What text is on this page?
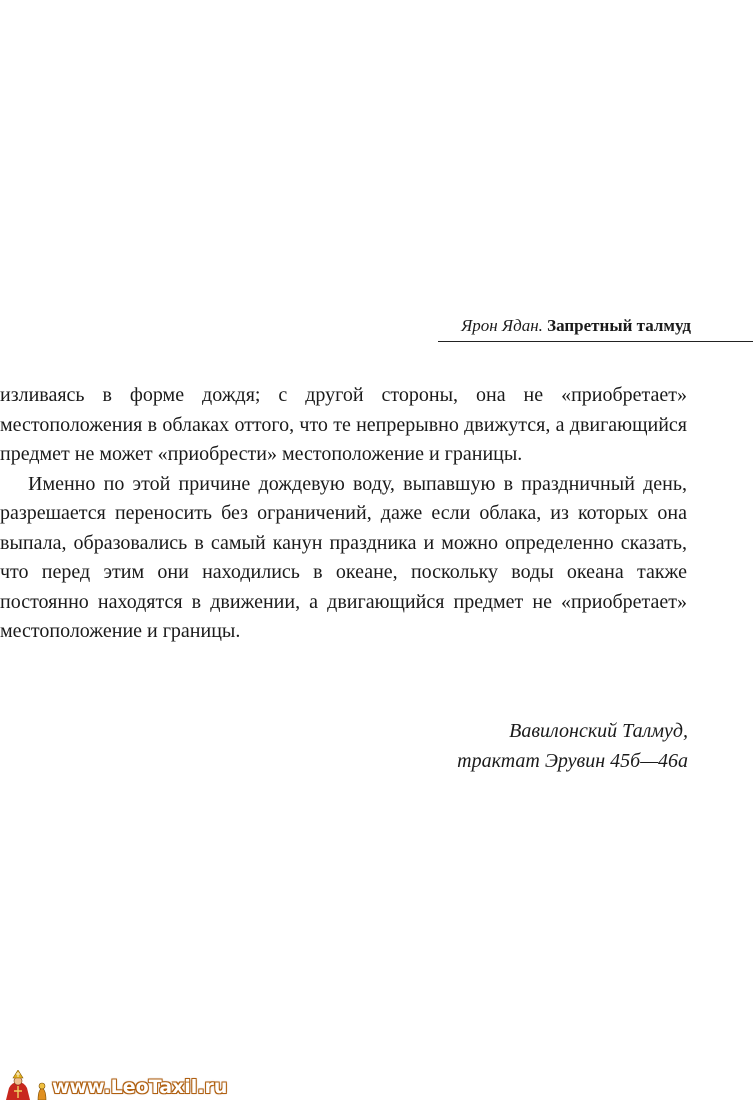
Ярон Ядан. Запретный талмуд

изливаясь в форме дождя; с другой стороны, она не «приобретает» местоположения в облаках оттого, что те непрерывно движутся, а двигающийся предмет не может «приобрести» местоположение и границы.

Именно по этой причине дождевую воду, выпавшую в праздничный день, разрешается переносить без ограничений, даже если облака, из которых она выпала, образовались в самый канун праздника и можно определенно сказать, что перед этим они находились в океане, поскольку воды океана также постоянно находятся в движении, а двигающийся предмет не «приобретает» местоположение и границы.

Вавилонский Талмуд,
трактат Эрувин 45б—46а
www.LeoTaxil.ru
